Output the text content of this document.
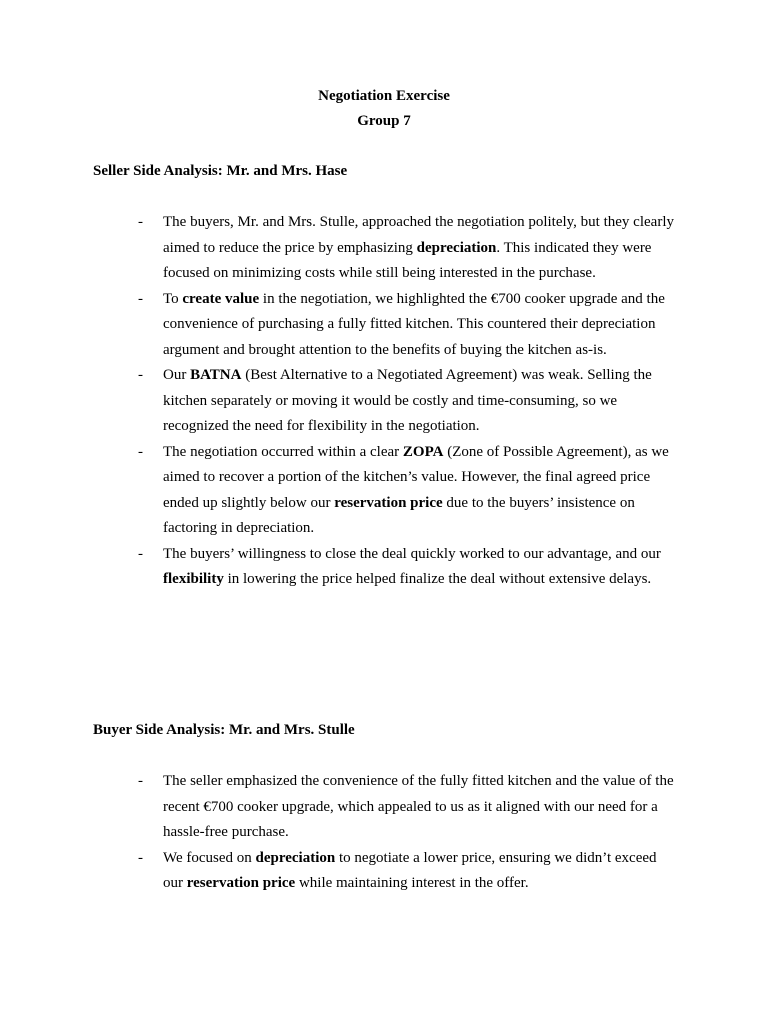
Negotiation Exercise
Group 7
Seller Side Analysis: Mr. and Mrs. Hase
- The buyers, Mr. and Mrs. Stulle, approached the negotiation politely, but they clearly aimed to reduce the price by emphasizing depreciation. This indicated they were focused on minimizing costs while still being interested in the purchase.
- To create value in the negotiation, we highlighted the €700 cooker upgrade and the convenience of purchasing a fully fitted kitchen. This countered their depreciation argument and brought attention to the benefits of buying the kitchen as-is.
- Our BATNA (Best Alternative to a Negotiated Agreement) was weak. Selling the kitchen separately or moving it would be costly and time-consuming, so we recognized the need for flexibility in the negotiation.
- The negotiation occurred within a clear ZOPA (Zone of Possible Agreement), as we aimed to recover a portion of the kitchen’s value. However, the final agreed price ended up slightly below our reservation price due to the buyers’ insistence on factoring in depreciation.
- The buyers’ willingness to close the deal quickly worked to our advantage, and our flexibility in lowering the price helped finalize the deal without extensive delays.
Buyer Side Analysis: Mr. and Mrs. Stulle
- The seller emphasized the convenience of the fully fitted kitchen and the value of the recent €700 cooker upgrade, which appealed to us as it aligned with our need for a hassle-free purchase.
- We focused on depreciation to negotiate a lower price, ensuring we didn’t exceed our reservation price while maintaining interest in the offer.
